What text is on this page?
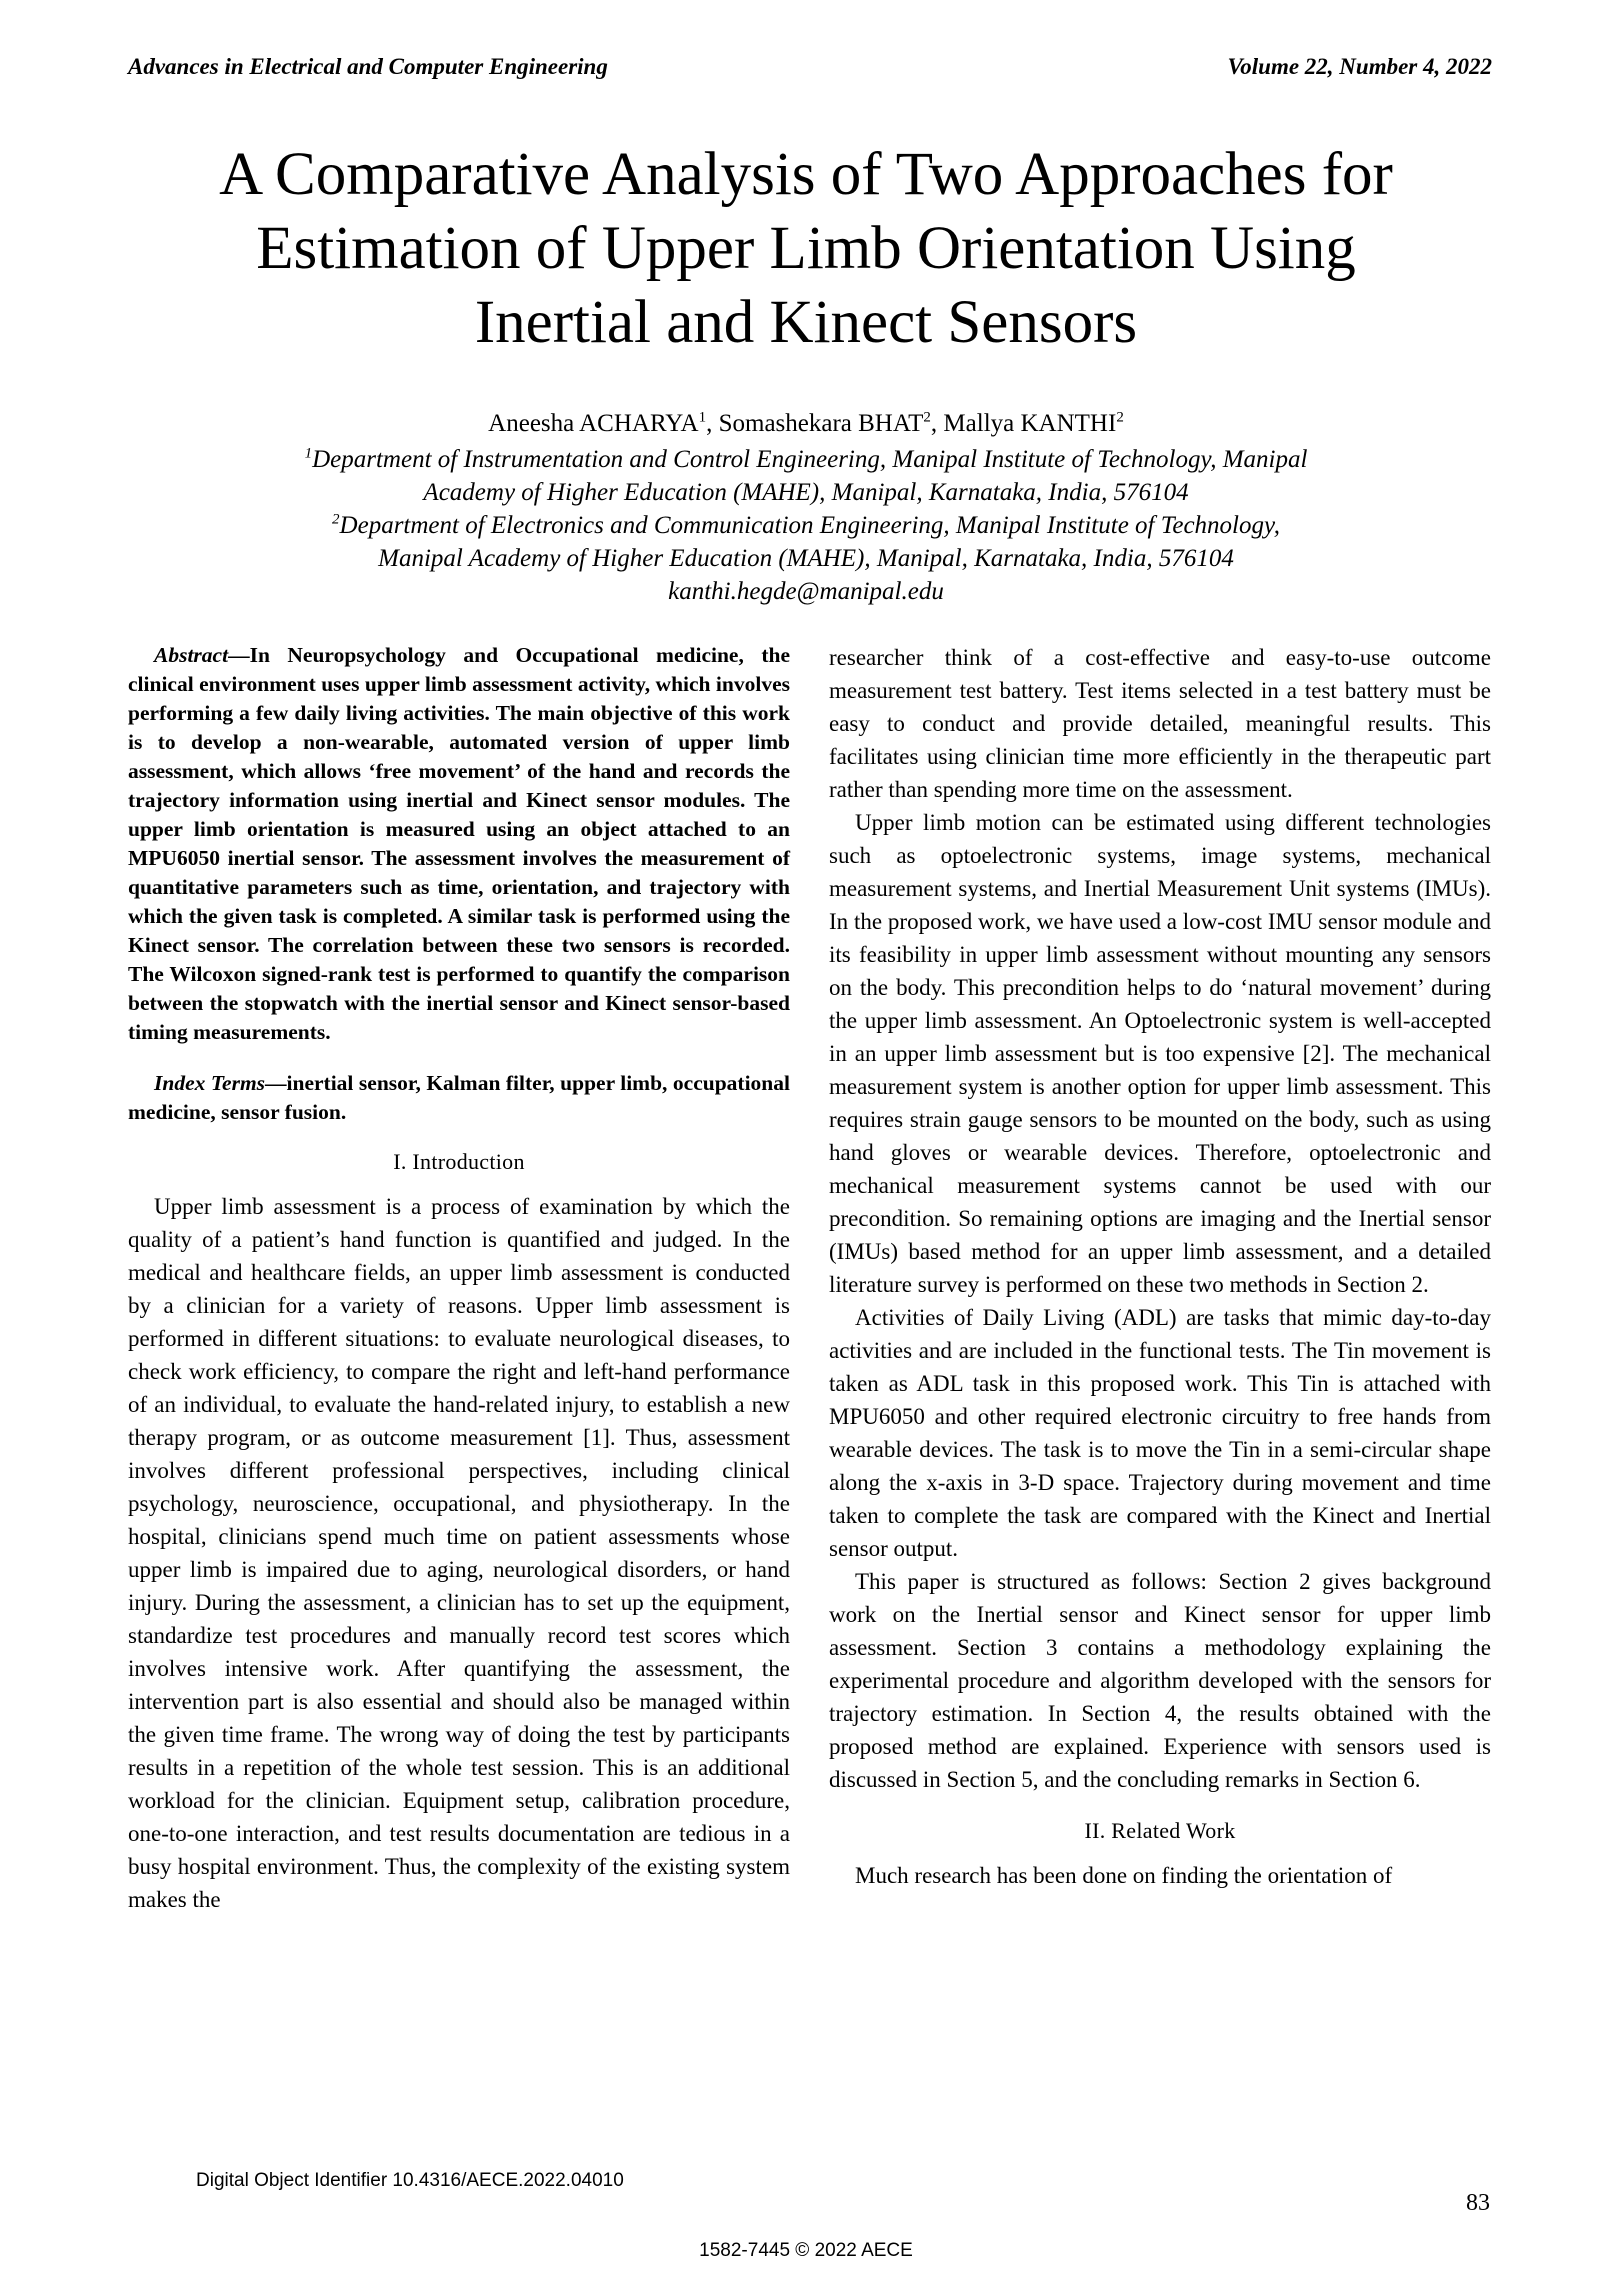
Advances in Electrical and Computer Engineering	Volume 22, Number 4, 2022
A Comparative Analysis of Two Approaches for
Estimation of Upper Limb Orientation Using
Inertial and Kinect Sensors
Aneesha ACHARYA$^1$, Somashekara BHAT$^2$, Mallya KANTHI$^2$
$^1$Department of Instrumentation and Control Engineering, Manipal Institute of Technology, Manipal
Academy of Higher Education (MAHE), Manipal, Karnataka, India, 576104
$^2$Department of Electronics and Communication Engineering, Manipal Institute of Technology,
Manipal Academy of Higher Education (MAHE), Manipal, Karnataka, India, 576104
kanthi.hegde@manipal.edu

Abstract—In Neuropsychology and Occupational medicine, the clinical environment uses upper limb assessment activity, which involves performing a few daily living activities. The main objective of this work is to develop a non-wearable, automated version of upper limb assessment, which allows ‘free movement’ of the hand and records the trajectory information using inertial and Kinect sensor modules. The upper limb orientation is measured using an object attached to an MPU6050 inertial sensor. The assessment involves the measurement of quantitative parameters such as time, orientation, and trajectory with which the given task is completed. A similar task is performed using the Kinect sensor. The correlation between these two sensors is recorded. The Wilcoxon signed-rank test is performed to quantify the comparison between the stopwatch with the inertial sensor and Kinect sensor-based timing measurements.

Index Terms—inertial sensor, Kalman filter, upper limb, occupational medicine, sensor fusion.

I. Introduction

Upper limb assessment is a process of examination by which the quality of a patient’s hand function is quantified and judged. In the medical and healthcare fields, an upper limb assessment is conducted by a clinician for a variety of reasons. Upper limb assessment is performed in different situations: to evaluate neurological diseases, to check work efficiency, to compare the right and left-hand performance of an individual, to evaluate the hand-related injury, to establish a new therapy program, or as outcome measurement [1]. Thus, assessment involves different professional perspectives, including clinical psychology, neuroscience, occupational, and physiotherapy. In the hospital, clinicians spend much time on patient assessments whose upper limb is impaired due to aging, neurological disorders, or hand injury. During the assessment, a clinician has to set up the equipment, standardize test procedures and manually record test scores which involves intensive work. After quantifying the assessment, the intervention part is also essential and should also be managed within the given time frame. The wrong way of doing the test by participants results in a repetition of the whole test session. This is an additional workload for the clinician. Equipment setup, calibration procedure, one-to-one interaction, and test results documentation are tedious in a busy hospital environment. Thus, the complexity of the existing system makes the

researcher think of a cost-effective and easy-to-use outcome measurement test battery. Test items selected in a test battery must be easy to conduct and provide detailed, meaningful results. This facilitates using clinician time more efficiently in the therapeutic part rather than spending more time on the assessment.

Upper limb motion can be estimated using different technologies such as optoelectronic systems, image systems, mechanical measurement systems, and Inertial Measurement Unit systems (IMUs). In the proposed work, we have used a low-cost IMU sensor module and its feasibility in upper limb assessment without mounting any sensors on the body. This precondition helps to do ‘natural movement’ during the upper limb assessment. An Optoelectronic system is well-accepted in an upper limb assessment but is too expensive [2]. The mechanical measurement system is another option for upper limb assessment. This requires strain gauge sensors to be mounted on the body, such as using hand gloves or wearable devices. Therefore, optoelectronic and mechanical measurement systems cannot be used with our precondition. So remaining options are imaging and the Inertial sensor (IMUs) based method for an upper limb assessment, and a detailed literature survey is performed on these two methods in Section 2.

Activities of Daily Living (ADL) are tasks that mimic day-to-day activities and are included in the functional tests. The Tin movement is taken as ADL task in this proposed work. This Tin is attached with MPU6050 and other required electronic circuitry to free hands from wearable devices. The task is to move the Tin in a semi-circular shape along the x-axis in 3-D space. Trajectory during movement and time taken to complete the task are compared with the Kinect and Inertial sensor output.

This paper is structured as follows: Section 2 gives background work on the Inertial sensor and Kinect sensor for upper limb assessment. Section 3 contains a methodology explaining the experimental procedure and algorithm developed with the sensors for trajectory estimation. In Section 4, the results obtained with the proposed method are explained. Experience with sensors used is discussed in Section 5, and the concluding remarks in Section 6.

II. Related Work

Much research has been done on finding the orientation of

Digital Object Identifier 10.4316/AECE.2022.04010
83
1582-7445 © 2022 AECE
